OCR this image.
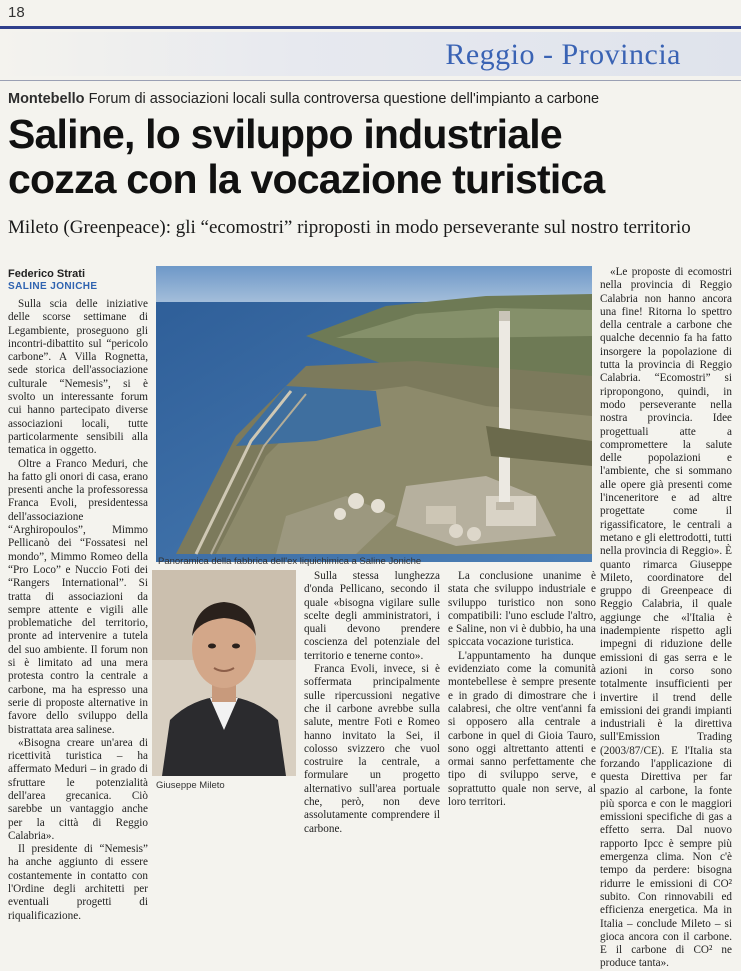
18
Reggio - Provincia
Montebello Forum di associazioni locali sulla controversa questione dell'impianto a carbone
Saline, lo sviluppo industriale
cozza con la vocazione turistica
Mileto (Greenpeace): gli “ecomostri” riproposti in modo perseverante sul nostro territorio
Federico Strati
SALINE JONICHE

Sulla scia delle iniziative delle scorse settimane di Legambiente, proseguono gli incontri-dibattito sul “pericolo carbone”. A Villa Rognetta, sede storica dell'associazione culturale “Nemesis”, si è svolto un interessante forum cui hanno partecipato diverse associazioni locali, tutte particolarmente sensibili alla tematica in oggetto.

Oltre a Franco Meduri, che ha fatto gli onori di casa, erano presenti anche la professoressa Franca Evoli, presidentessa dell'associazione “Arghiropoulos”, Mimmo Pellicanò dei “Fossatesi nel mondo”, Mimmo Romeo della “Pro Loco” e Nuccio Foti dei “Rangers International”. Si tratta di associazioni da sempre attente e vigili alle problematiche del territorio, pronte ad intervenire a tutela del suo ambiente. Il forum non si è limitato ad una mera protesta contro la centrale a carbone, ma ha espresso una serie di proposte alternative in favore dello sviluppo della bistrattata area salinese.

«Bisogna creare un'area di ricettività turistica – ha affermato Meduri – in grado di sfruttare le potenzialità dell'area grecanica. Ciò sarebbe un vantaggio anche per la città di Reggio Calabria».

Il presidente di “Nemesis” ha anche aggiunto di essere costantemente in contatto con l'Ordine degli architetti per eventuali progetti di riqualificazione.

Panoramica della fabbrica dell'ex liquichimica a Saline Joniche

«Le proposte di ecomostri nella provincia di Reggio Calabria non hanno ancora una fine! Ritorna lo spettro della centrale a carbone che qualche decennio fa ha fatto insorgere la popolazione di tutta la provincia di Reggio Calabria. “Ecomostri” si ripropongono, quindi, in modo perseverante nella nostra provincia. Idee progettuali atte a compromettere la salute delle popolazioni e l'ambiente, che si sommano alle opere già presenti come l'inceneritore e ad altre progettate come il rigassificatore, le centrali a metano e gli elettrodotti, tutti nella provincia di Reggio». È quanto rimarca Giuseppe Mileto, coordinatore del gruppo di Greenpeace di Reggio Calabria, il quale aggiunge che «l'Italia è inadempiente rispetto agli impegni di riduzione delle emissioni di gas serra e le azioni in corso sono totalmente insufficienti per invertire il trend delle emissioni dei grandi impianti industriali è la direttiva sull'Emission Trading (2003/87/CE). E l'Italia sta forzando l'applicazione di questa Direttiva per far spazio al carbone, la fonte più sporca e con le maggiori emissioni specifiche di gas a effetto serra. Dal nuovo rapporto Ipcc è sempre più emergenza clima. Non c'è tempo da perdere: bisogna ridurre le emissioni di CO² subito. Con rinnovabili ed efficienza energetica. Ma in Italia – conclude Mileto – si gioca ancora con il carbone. E il carbone di CO² ne produce tanta».

Giuseppe Mileto

Sulla stessa lunghezza d'onda Pellicano, secondo il quale «bisogna vigilare sulle scelte degli amministratori, i quali devono prendere coscienza del potenziale del territorio e tenerne conto».

Franca Evoli, invece, si è soffermata principalmente sulle ripercussioni negative che il carbone avrebbe sulla salute, mentre Foti e Romeo hanno invitato la Sei, il colosso svizzero che vuol costruire la centrale, a formulare un progetto alternativo sull'area portuale che, però, non deve assolutamente comprendere il carbone.

La conclusione unanime è stata che sviluppo industriale e sviluppo turistico non sono compatibili: l'uno esclude l'altro, e Saline, non vi è dubbio, ha una spiccata vocazione turistica.

L'appuntamento ha dunque evidenziato come la comunità montebellese è sempre presente e in grado di dimostrare che i calabresi, che oltre vent'anni fa si opposero alla centrale a carbone in quel di Gioia Tauro, sono oggi altrettanto attenti e ormai sanno perfettamente che tipo di sviluppo serve, e soprattutto quale non serve, al loro territori.
